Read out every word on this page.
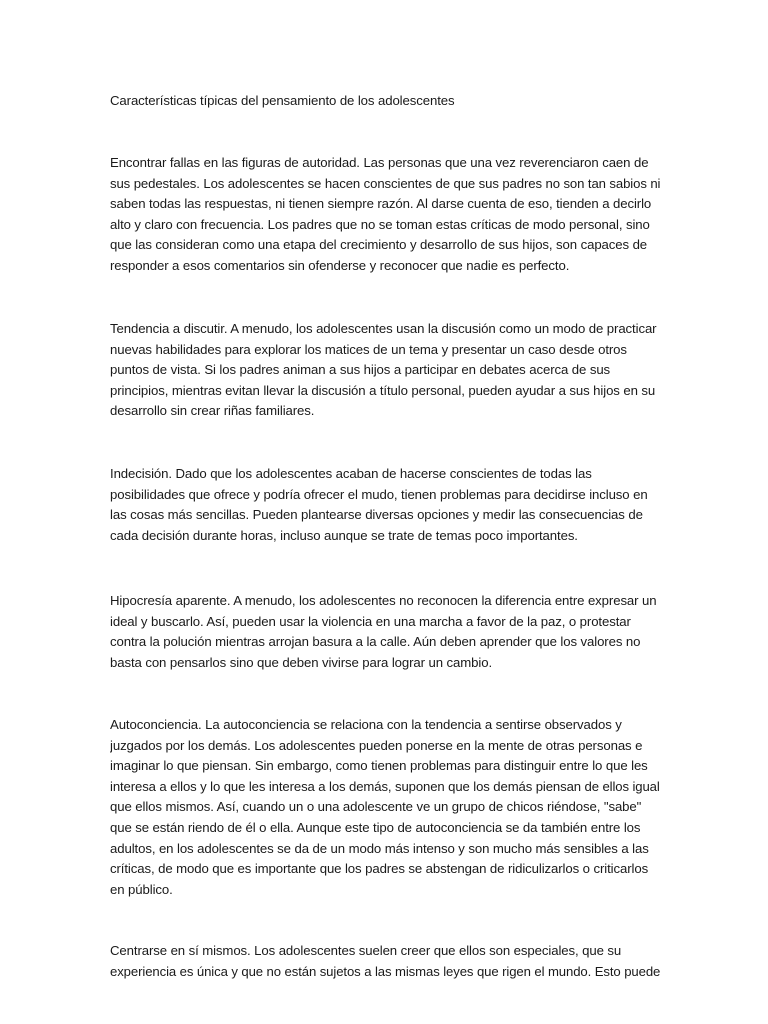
Características típicas del pensamiento de los adolescentes

Encontrar fallas en las figuras de autoridad. Las personas que una vez reverenciaron caen de
sus pedestales. Los adolescentes se hacen conscientes de que sus padres no son tan sabios ni
saben todas las respuestas, ni tienen siempre razón. Al darse cuenta de eso, tienden a decirlo
alto y claro con frecuencia. Los padres que no se toman estas críticas de modo personal, sino
que las consideran como una etapa del crecimiento y desarrollo de sus hijos, son capaces de
responder a esos comentarios sin ofenderse y reconocer que nadie es perfecto.

Tendencia a discutir. A menudo, los adolescentes usan la discusión como un modo de practicar
nuevas habilidades para explorar los matices de un tema y presentar un caso desde otros
puntos de vista. Si los padres animan a sus hijos a participar en debates acerca de sus
principios, mientras evitan llevar la discusión a título personal, pueden ayudar a sus hijos en su
desarrollo sin crear riñas familiares.

Indecisión. Dado que los adolescentes acaban de hacerse conscientes de todas las
posibilidades que ofrece y podría ofrecer el mudo, tienen problemas para decidirse incluso en
las cosas más sencillas. Pueden plantearse diversas opciones y medir las consecuencias de
cada decisión durante horas, incluso aunque se trate de temas poco importantes.

Hipocresía aparente. A menudo, los adolescentes no reconocen la diferencia entre expresar un
ideal y buscarlo. Así, pueden usar la violencia en una marcha a favor de la paz, o protestar
contra la polución mientras arrojan basura a la calle. Aún deben aprender que los valores no
basta con pensarlos sino que deben vivirse para lograr un cambio.

Autoconciencia. La autoconciencia se relaciona con la tendencia a sentirse observados y
juzgados por los demás. Los adolescentes pueden ponerse en la mente de otras personas e
imaginar lo que piensan. Sin embargo, como tienen problemas para distinguir entre lo que les
interesa a ellos y lo que les interesa a los demás, suponen que los demás piensan de ellos igual
que ellos mismos. Así, cuando un o una adolescente ve un grupo de chicos riéndose, "sabe"
que se están riendo de él o ella. Aunque este tipo de autoconciencia se da también entre los
adultos, en los adolescentes se da de un modo más intenso y son mucho más sensibles a las
críticas, de modo que es importante que los padres se abstengan de ridiculizarlos o criticarlos
en público.

Centrarse en sí mismos. Los adolescentes suelen creer que ellos son especiales, que su
experiencia es única y que no están sujetos a las mismas leyes que rigen el mundo. Esto puede
